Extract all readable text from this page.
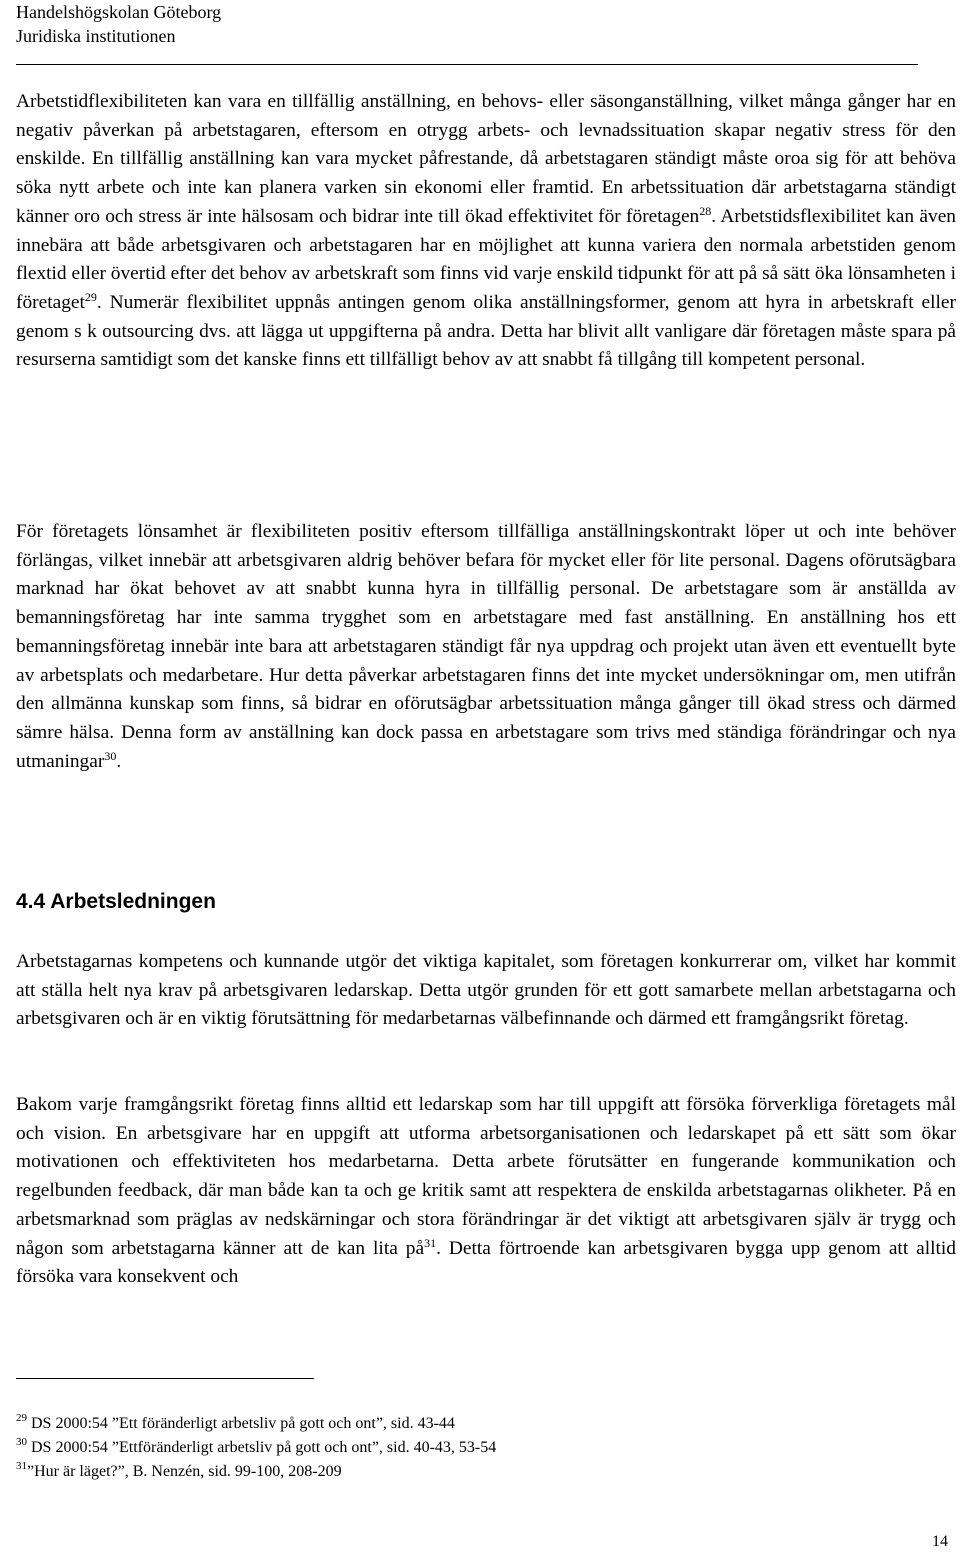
Handelshögskolan Göteborg
Juridiska institutionen

Arbetstidflexibiliteten kan vara en tillfällig anställning, en behovs- eller säsonganställning, vilket många gånger har en negativ påverkan på arbetstagaren, eftersom en otrygg arbets- och levnadssituation skapar negativ stress för den enskilde. En tillfällig anställning kan vara mycket påfrestande, då arbetstagaren ständigt måste oroa sig för att behöva söka nytt arbete och inte kan planera varken sin ekonomi eller framtid. En arbetssituation där arbetstagarna ständigt känner oro och stress är inte hälsosam och bidrar inte till ökad effektivitet för företagen$^{28}$. Arbetstidsflexibilitet kan även innebära att både arbetsgivaren och arbetstagaren har en möjlighet att kunna variera den normala arbetstiden genom flextid eller övertid efter det behov av arbetskraft som finns vid varje enskild tidpunkt för att på så sätt öka lönsamheten i företaget$^{29}$. Numerär flexibilitet uppnås antingen genom olika anställningsformer, genom att hyra in arbetskraft eller genom s k outsourcing dvs. att lägga ut uppgifterna på andra. Detta har blivit allt vanligare där företagen måste spara på resurserna samtidigt som det kanske finns ett tillfälligt behov av att snabbt få tillgång till kompetent personal.

För företagets lönsamhet är flexibiliteten positiv eftersom tillfälliga anställningskontrakt löper ut och inte behöver förlängas, vilket innebär att arbetsgivaren aldrig behöver befara för mycket eller för lite personal. Dagens oförutsägbara marknad har ökat behovet av att snabbt kunna hyra in tillfällig personal. De arbetstagare som är anställda av bemanningsföretag har inte samma trygghet som en arbetstagare med fast anställning. En anställning hos ett bemanningsföretag innebär inte bara att arbetstagaren ständigt får nya uppdrag och projekt utan även ett eventuellt byte av arbetsplats och medarbetare. Hur detta påverkar arbetstagaren finns det inte mycket undersökningar om, men utifrån den allmänna kunskap som finns, så bidrar en oförutsägbar arbetssituation många gånger till ökad stress och därmed sämre hälsa. Denna form av anställning kan dock passa en arbetstagare som trivs med ständiga förändringar och nya utmaningar$^{30}$.

4.4 Arbetsledningen

Arbetstagarnas kompetens och kunnande utgör det viktiga kapitalet, som företagen konkurrerar om, vilket har kommit att ställa helt nya krav på arbetsgivaren ledarskap. Detta utgör grunden för ett gott samarbete mellan arbetstagarna och arbetsgivaren och är en viktig förutsättning för medarbetarnas välbefinnande och därmed ett framgångsrikt företag.

Bakom varje framgångsrikt företag finns alltid ett ledarskap som har till uppgift att försöka förverkliga företagets mål och vision. En arbetsgivare har en uppgift att utforma arbetsorganisationen och ledarskapet på ett sätt som ökar motivationen och effektiviteten hos medarbetarna. Detta arbete förutsätter en fungerande kommunikation och regelbunden feedback, där man både kan ta och ge kritik samt att respektera de enskilda arbetstagarnas olikheter. På en arbetsmarknad som präglas av nedskärningar och stora förändringar är det viktigt att arbetsgivaren själv är trygg och någon som arbetstagarna känner att de kan lita $på^{31}$. Detta förtroende kan arbetsgivaren bygga upp genom att alltid försöka vara konsekvent och

$^{29}$ DS 2000:54 ”Ett föränderligt arbetsliv på gott och ont”, sid. 43-44
$^{30}$ DS 2000:54 ”Ettföränderligt arbetsliv på gott och ont”, sid. 40-43, 53-54
$^{31}$”Hur är läget?”, B. Nenzén, sid. 99-100, 208-209
14
